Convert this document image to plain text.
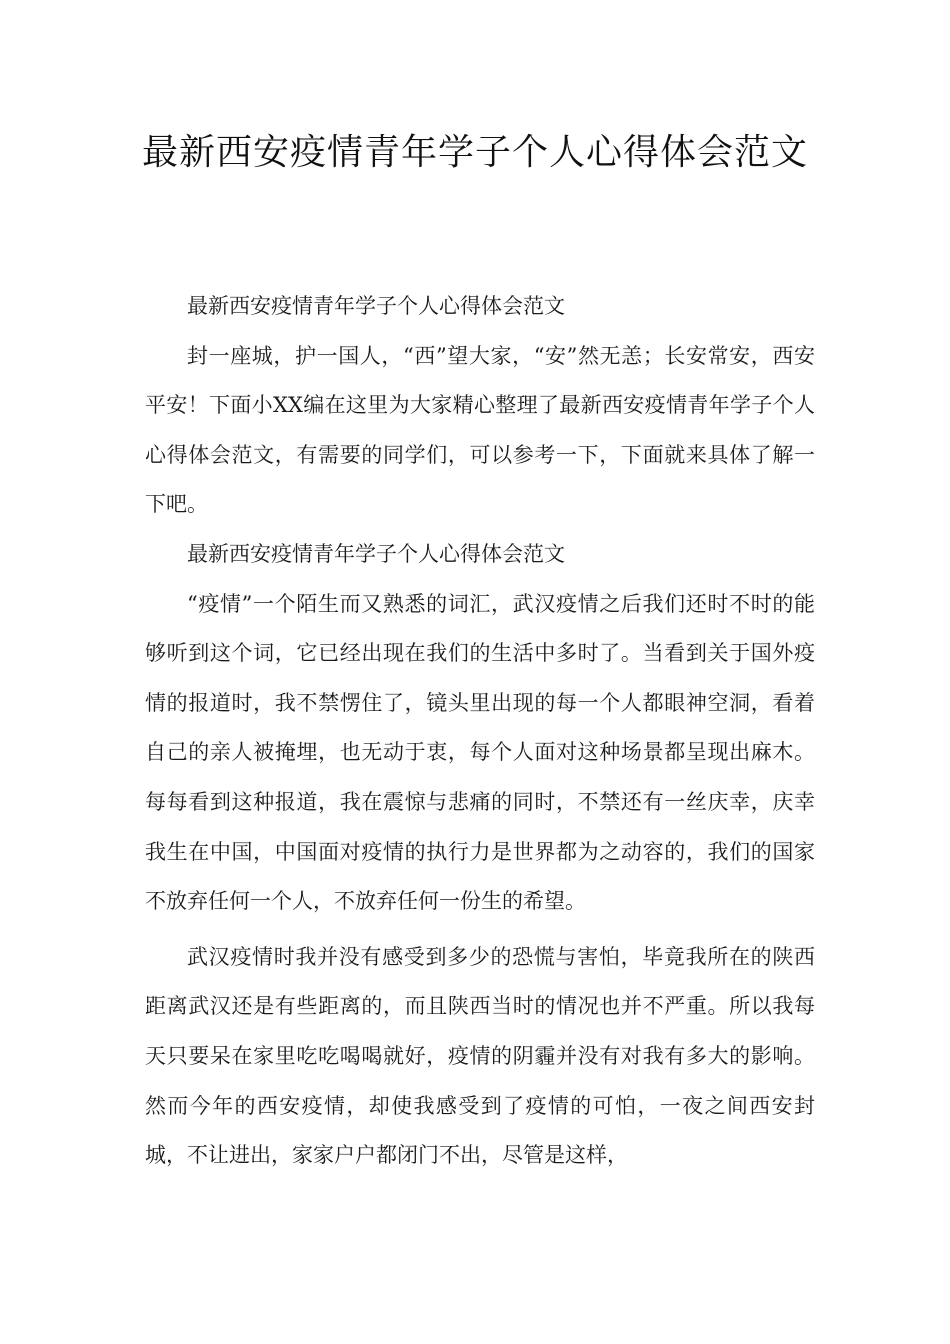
最新西安疫情青年学子个人心得体会范文

最新西安疫情青年学子个人心得体会范文

封一座城，护一国人，“西”望大家，“安”然无恙；长安常安，西安平安！下面小XX编在这里为大家精心整理了最新西安疫情青年学子个人心得体会范文，有需要的同学们，可以参考一下，下面就来具体了解一下吧。

最新西安疫情青年学子个人心得体会范文

“疫情”一个陌生而又熟悉的词汇，武汉疫情之后我们还时不时的能够听到这个词，它已经出现在我们的生活中多时了。当看到关于国外疫情的报道时，我不禁愣住了，镜头里出现的每一个人都眼神空洞，看着自己的亲人被掩埋，也无动于衷，每个人面对这种场景都呈现出麻木。每每看到这种报道，我在震惊与悲痛的同时，不禁还有一丝庆幸，庆幸我生在中国，中国面对疫情的执行力是世界都为之动容的，我们的国家不放弃任何一个人，不放弃任何一份生的希望。

武汉疫情时我并没有感受到多少的恐慌与害怕，毕竟我所在的陕西距离武汉还是有些距离的，而且陕西当时的情况也并不严重。所以我每天只要呆在家里吃吃喝喝就好，疫情的阴霾并没有对我有多大的影响。然而今年的西安疫情，却使我感受到了疫情的可怕，一夜之间西安封城，不让进出，家家户户都闭门不出，尽管是这样，
